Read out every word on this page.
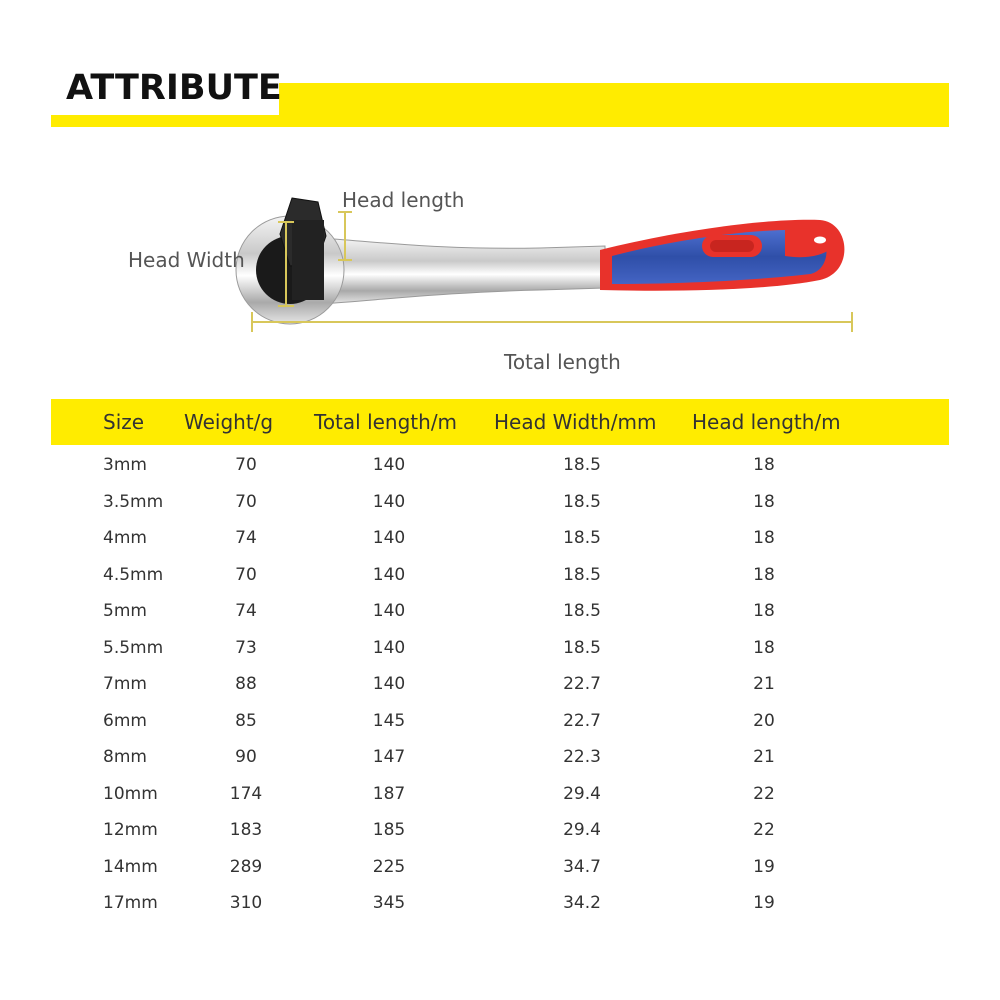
ATTRIBUTE
Head length
Head Width
Total length
Size Weight/g Total length/m Head Width/mm Head length/m
3mm	70	140	18.5	18
3.5mm	70	140	18.5	18
4mm	74	140	18.5	18
4.5mm	70	140	18.5	18
5mm	74	140	18.5	18
5.5mm	73	140	18.5	18
7mm	88	140	22.7	21
6mm	85	145	22.7	20
8mm	90	147	22.3	21
10mm	174	187	29.4	22
12mm	183	185	29.4	22
14mm	289	225	34.7	19
17mm	310	345	34.2	19
